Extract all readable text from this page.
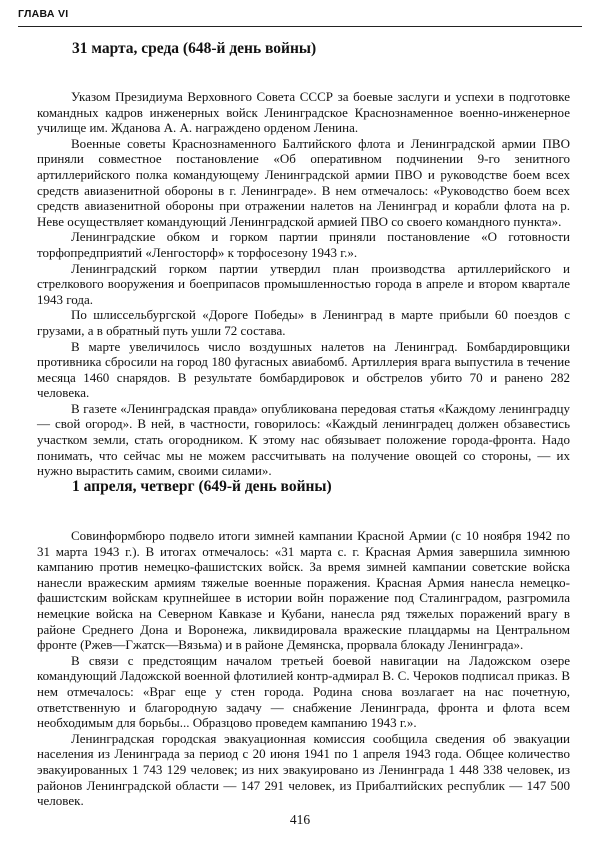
ГЛАВА VI
31 марта, среда (648-й день войны)

Указом Президиума Верховного Совета СССР за боевые заслуги и успехи в подготовке командных кадров инженерных войск Ленинградское Краснознаменное военно-инженерное училище им. Жданова А. А. награждено орденом Ленина.

Военные советы Краснознаменного Балтийского флота и Ленинградской армии ПВО приняли совместное постановление «Об оперативном подчинении 9-го зенитного артиллерийского полка командующему Ленинградской армии ПВО и руководстве боем всех средств авиазенитной обороны в г. Ленинграде». В нем отмечалось: «Руководство боем всех средств авиазенитной обороны при отражении налетов на Ленинград и корабли флота на р. Неве осуществляет командующий Ленинградской армией ПВО со своего командного пункта».

Ленинградские обком и горком партии приняли постановление «О готовности торфопредприятий «Ленгосторф» к торфосезону 1943 г.».

Ленинградский горком партии утвердил план производства артиллерийского и стрелкового вооружения и боеприпасов промышленностью города в апреле и втором квартале 1943 года.

По шлиссельбургской «Дороге Победы» в Ленинград в марте прибыли 60 поездов с грузами, а в обратный путь ушли 72 состава.

В марте увеличилось число воздушных налетов на Ленинград. Бомбардировщики противника сбросили на город 180 фугасных авиабомб. Артиллерия врага выпустила в течение месяца 1460 снарядов. В результате бомбардировок и обстрелов убито 70 и ранено 282 человека.

В газете «Ленинградская правда» опубликована передовая статья «Каждому ленинградцу — свой огород». В ней, в частности, говорилось: «Каждый ленинградец должен обзавестись участком земли, стать огородником. К этому нас обязывает положение города-фронта. Надо понимать, что сейчас мы не можем рассчитывать на получение овощей со стороны, — их нужно вырастить самим, своими силами».

1 апреля, четверг (649-й день войны)

Совинформбюро подвело итоги зимней кампании Красной Армии (с 10 ноября 1942 по 31 марта 1943 г.). В итогах отмечалось: «31 марта с. г. Красная Армия завершила зимнюю кампанию против немецко-фашистских войск. За время зимней кампании советские войска нанесли вражеским армиям тяжелые военные поражения. Красная Армия нанесла немецко-фашистским войскам крупнейшее в истории войн поражение под Сталинградом, разгромила немецкие войска на Северном Кавказе и Кубани, нанесла ряд тяжелых поражений врагу в районе Среднего Дона и Воронежа, ликвидировала вражеские плацдармы на Центральном фронте (Ржев—Гжатск—Вязьма) и в районе Демянска, прорвала блокаду Ленинграда».

В связи с предстоящим началом третьей боевой навигации на Ладожском озере командующий Ладожской военной флотилией контр-адмирал В. С. Чероков подписал приказ. В нем отмечалось: «Враг еще у стен города. Родина снова возлагает на нас почетную, ответственную и благородную задачу — снабжение Ленинграда, фронта и флота всем необходимым для борьбы... Образцово проведем кампанию 1943 г.».

Ленинградская городская эвакуационная комиссия сообщила сведения об эвакуации населения из Ленинграда за период с 20 июня 1941 по 1 апреля 1943 года. Общее количество эвакуированных 1 743 129 человек; из них эвакуировано из Ленинграда 1 448 338 человек, из районов Ленинградской области — 147 291 человек, из Прибалтийских республик — 147 500 человек.

416
